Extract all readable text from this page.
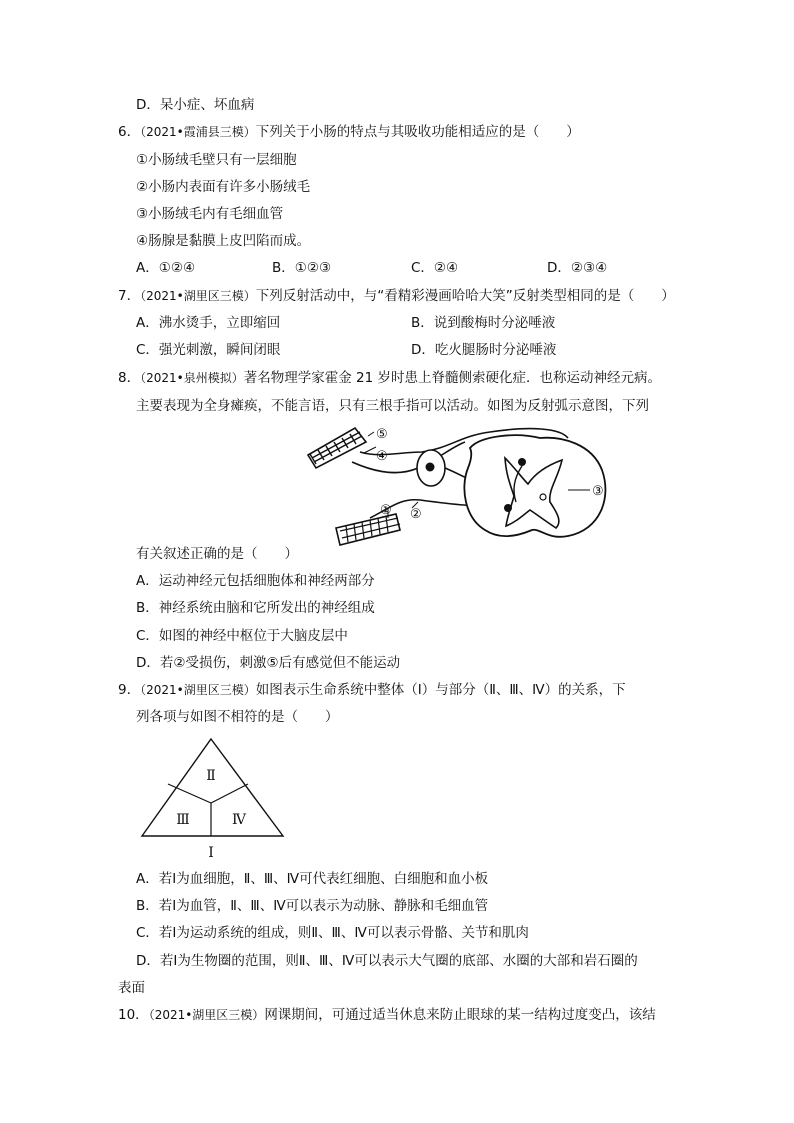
D．呆小症、坏血病
6．（2021•霞浦县三模）下列关于小肠的特点与其吸收功能相适应的是（　　）
①小肠绒毛壁只有一层细胞
②小肠内表面有许多小肠绒毛
③小肠绒毛内有毛细血管
④肠腺是黏膜上皮凹陷而成。
A．①②④	B．①②③	C．②④	D．②③④
7．（2021•湖里区三模）下列反射活动中，与“看精彩漫画哈哈大笑”反射类型相同的是（　　）
A．沸水烫手，立即缩回	B．说到酸梅时分泌唾液
C．强光刺激，瞬间闭眼	D．吃火腿肠时分泌唾液
8．（2021•泉州模拟）著名物理学家霍金 21 岁时患上脊髓侧索硬化症．也称运动神经元病。
主要表现为全身瘫痪，不能言语，只有三根手指可以活动。如图为反射弧示意图，下列
⑤
④
① ②
③
有关叙述正确的是（　　）
A．运动神经元包括细胞体和神经两部分
B．神经系统由脑和它所发出的神经组成
C．如图的神经中枢位于大脑皮层中
D．若②受损伤，刺激⑤后有感觉但不能运动
9．（2021•湖里区三模）如图表示生命系统中整体（Ⅰ）与部分（Ⅱ、Ⅲ、Ⅳ）的关系，下
列各项与如图不相符的是（　　）
Ⅱ
Ⅲ	Ⅳ
Ⅰ
A．若Ⅰ为血细胞，Ⅱ、Ⅲ、Ⅳ可代表红细胞、白细胞和血小板
B．若Ⅰ为血管，Ⅱ、Ⅲ、Ⅳ可以表示为动脉、静脉和毛细血管
C．若Ⅰ为运动系统的组成，则Ⅱ、Ⅲ、Ⅳ可以表示骨骼、关节和肌肉
D．若Ⅰ为生物圈的范围，则Ⅱ、Ⅲ、Ⅳ可以表示大气圈的底部、水圈的大部和岩石圈的
表面
10．（2021•湖里区三模）网课期间，可通过适当休息来防止眼球的某一结构过度变凸，该结
